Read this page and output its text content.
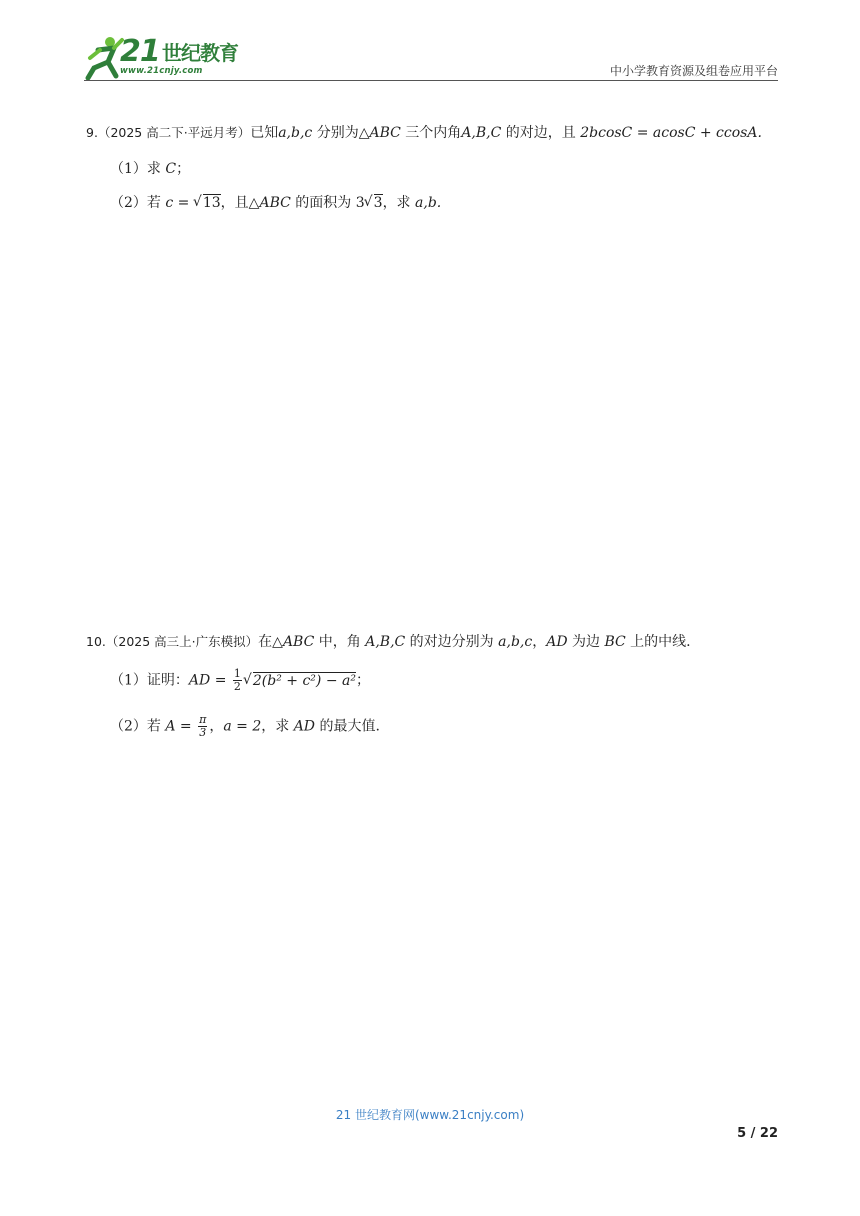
21 世纪教育
www.21cnjy.com	中小学教育资源及组卷应用平台
9.（2025 高二下·平远月考）已知a,b,c 分别为△ABC 三个内角A,B,C 的对边，且 2bcosC = acosC + ccosA.
（1）求 C；
（2）若 c = √ 13，且△ABC 的面积为 3 √ 3，求 a,b.
10.（2025 高三上·广东模拟）在△ABC 中，角 A,B,C 的对边分别为 a,b,c，AD 为边 BC 上的中线.
（1）证明：AD = $\frac{1}{2}$ √ 2(b² + c²) − a²；
（2）若 $A = \frac{\pi}{3}$ ，a = 2，求 AD 的最大值.
21 世纪教育网(www.21cnjy.com)
5 / 22
